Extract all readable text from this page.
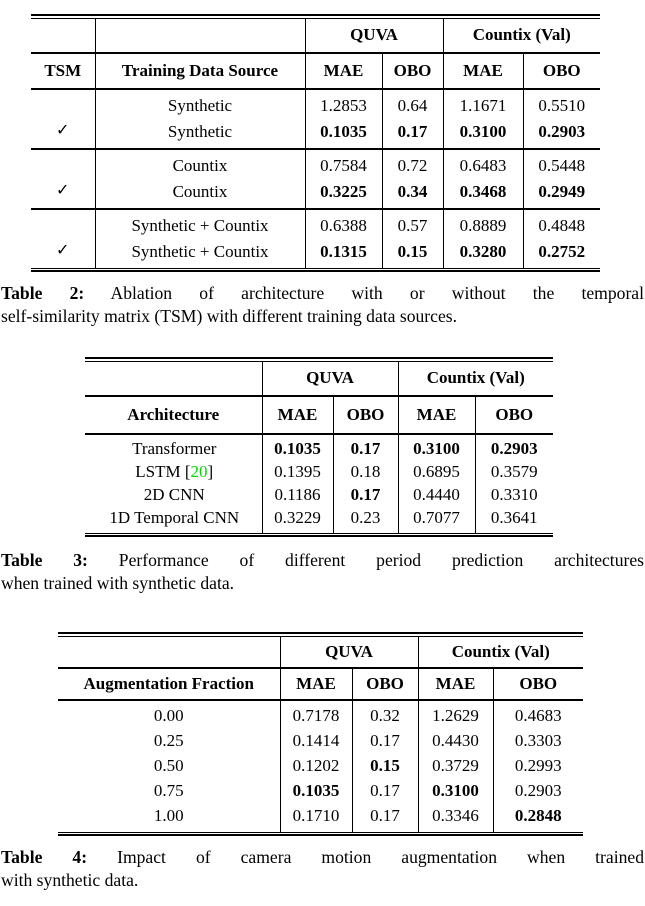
		QUVA		Countix (Val)	
TSM	Training Data Source	MAE	OBO	MAE	OBO
	Synthetic	1.2853	0.64	1.1671	0.5510
✓	Synthetic	0.1035	0.17	0.3100	0.2903
	Countix	0.7584	0.72	0.6483	0.5448
✓	Countix	0.3225	0.34	0.3468	0.2949
	Synthetic + Countix	0.6388	0.57	0.8889	0.4848
✓	Synthetic + Countix	0.1315	0.15	0.3280	0.2752
Table 2: Ablation of architecture with or without the temporal
self-similarity matrix (TSM) with different training data sources.
	QUVA		Countix (Val)	
Architecture	MAE	OBO	MAE	OBO
Transformer	0.1035	0.17	0.3100	0.2903
LSTM [20]	0.1395	0.18	0.6895	0.3579
2D CNN	0.1186	0.17	0.4440	0.3310
1D Temporal CNN	0.3229	0.23	0.7077	0.3641
Table 3: Performance of different period prediction architectures
when trained with synthetic data.
	QUVA		Countix (Val)	
Augmentation Fraction	MAE	OBO	MAE	OBO
0.00	0.7178	0.32	1.2629	0.4683
0.25	0.1414	0.17	0.4430	0.3303
0.50	0.1202	0.15	0.3729	0.2993
0.75	0.1035	0.17	0.3100	0.2903
1.00	0.1710	0.17	0.3346	0.2848
Table 4: Impact of camera motion augmentation when trained
with synthetic data.
